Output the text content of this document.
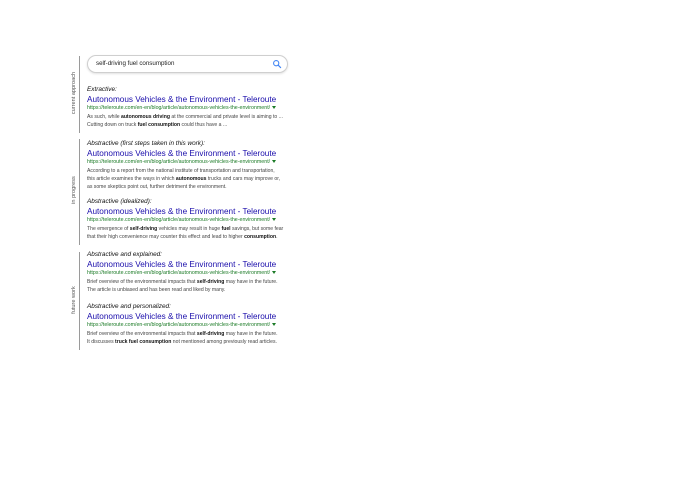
current approach
in progress
future work
self-driving fuel consumption
Extractive:
Autonomous Vehicles & the Environment - Teleroute
https://teleroute.com/en-en/blog/article/autonomous-vehicles-the-environment/
As such, while autonomous driving at the commercial and private level is aiming to ...
Cutting down on truck fuel consumption could thus have a ...
Abstractive (first steps taken in this work):
Autonomous Vehicles & the Environment - Teleroute
https://teleroute.com/en-en/blog/article/autonomous-vehicles-the-environment/
According to a report from the national institute of transportation and transportation,
this article examines the ways in which autonomous trucks and cars may improve or,
as some skeptics point out, further detriment the environment.
Abstractive (idealized):
Autonomous Vehicles & the Environment - Teleroute
https://teleroute.com/en-en/blog/article/autonomous-vehicles-the-environment/
The emergence of self-driving vehicles may result in huge fuel savings, but some fear
that their high convenience may counter this effect and lead to higher consumption.
Abstractive and explained:
Autonomous Vehicles & the Environment - Teleroute
https://teleroute.com/en-en/blog/article/autonomous-vehicles-the-environment/
Brief overview of the environmental impacts that self-driving may have in the future.
The article is unbiased and has been read and liked by many.
Abstractive and personalized:
Autonomous Vehicles & the Environment - Teleroute
https://teleroute.com/en-en/blog/article/autonomous-vehicles-the-environment/
Brief overview of the environmental impacts that self-driving may have in the future.
It discusses truck fuel consumption not mentioned among previously read articles.
